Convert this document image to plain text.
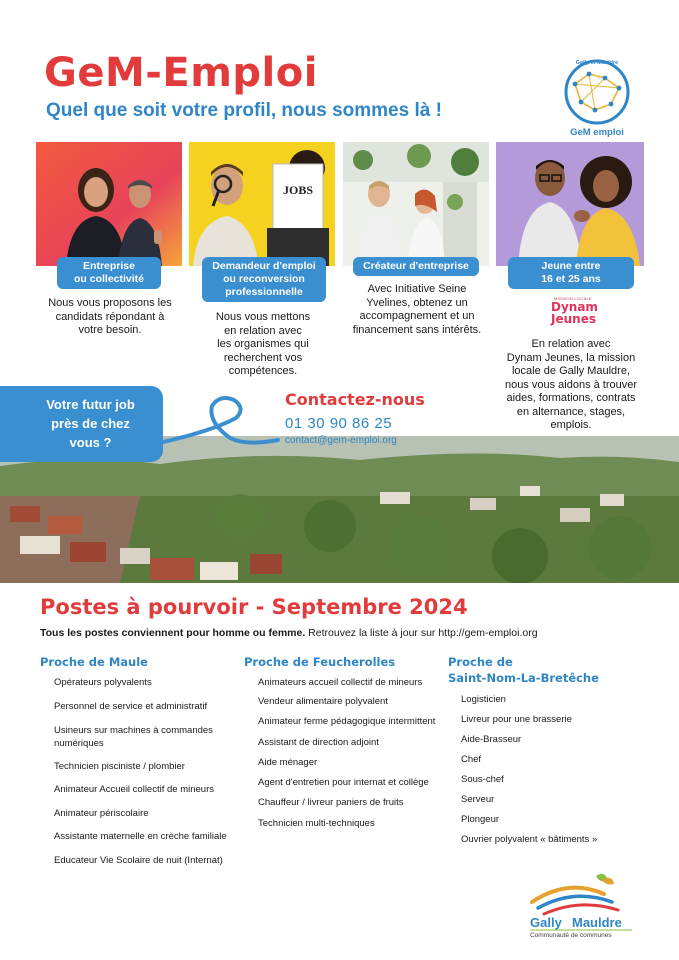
GeM-Emploi
Quel que soit votre profil, nous sommes là !
Gally et Mauldre
GeM emploi
Entreprise
ou collectivité
Nous vous proposons les
candidats répondant à
votre besoin.
JOBS
Demandeur d'emploi
ou reconversion
professionnelle
Nous vous mettons
en relation avec
les organismes qui
recherchent vos
compétences.
Créateur d'entreprise
Avec Initiative Seine
Yvelines, obtenez un
accompagnement et un
financement sans intérêts.
Jeune entre
16 et 25 ans
MISSION LOCALE
Dynam
Jeunes
En relation avec
Dynam Jeunes, la mission
locale de Gally Mauldre,
nous vous aidons à trouver
aides, formations, contrats
en alternance, stages,
emplois.
Votre futur job
près de chez
vous ?
Contactez-nous
01 30 90 86 25
contact@gem-emploi.org
Postes à pourvoir - Septembre 2024
Tous les postes conviennent pour homme ou femme. Retrouvez la liste à jour sur http://gem-emploi.org
Proche de Maule
Opérateurs polyvalents
Personnel de service et administratif
Usineurs sur machines à commandes
numériques
Technicien pisciniste / plombier
Animateur Accueil collectif de mineurs
Animateur périscolaire
Assistante maternelle en crèche familiale
Educateur Vie Scolaire de nuit (Internat)
Proche de Feucherolles
Animateurs accueil collectif de mineurs
Vendeur alimentaire polyvalent
Animateur ferme pédagogique intermittent
Assistant de direction adjoint
Aide ménager
Agent d'entretien pour internat et collège
Chauffeur / livreur paniers de fruits
Technicien multi-techniques
Proche de
Saint-Nom-La-Bretêche
Logisticien
Livreur pour une brasserie
Aide-Brasseur
Chef
Sous-chef
Serveur
Plongeur
Ouvrier polyvalent « bâtiments »
Gally Mauldre
Communauté de communes
